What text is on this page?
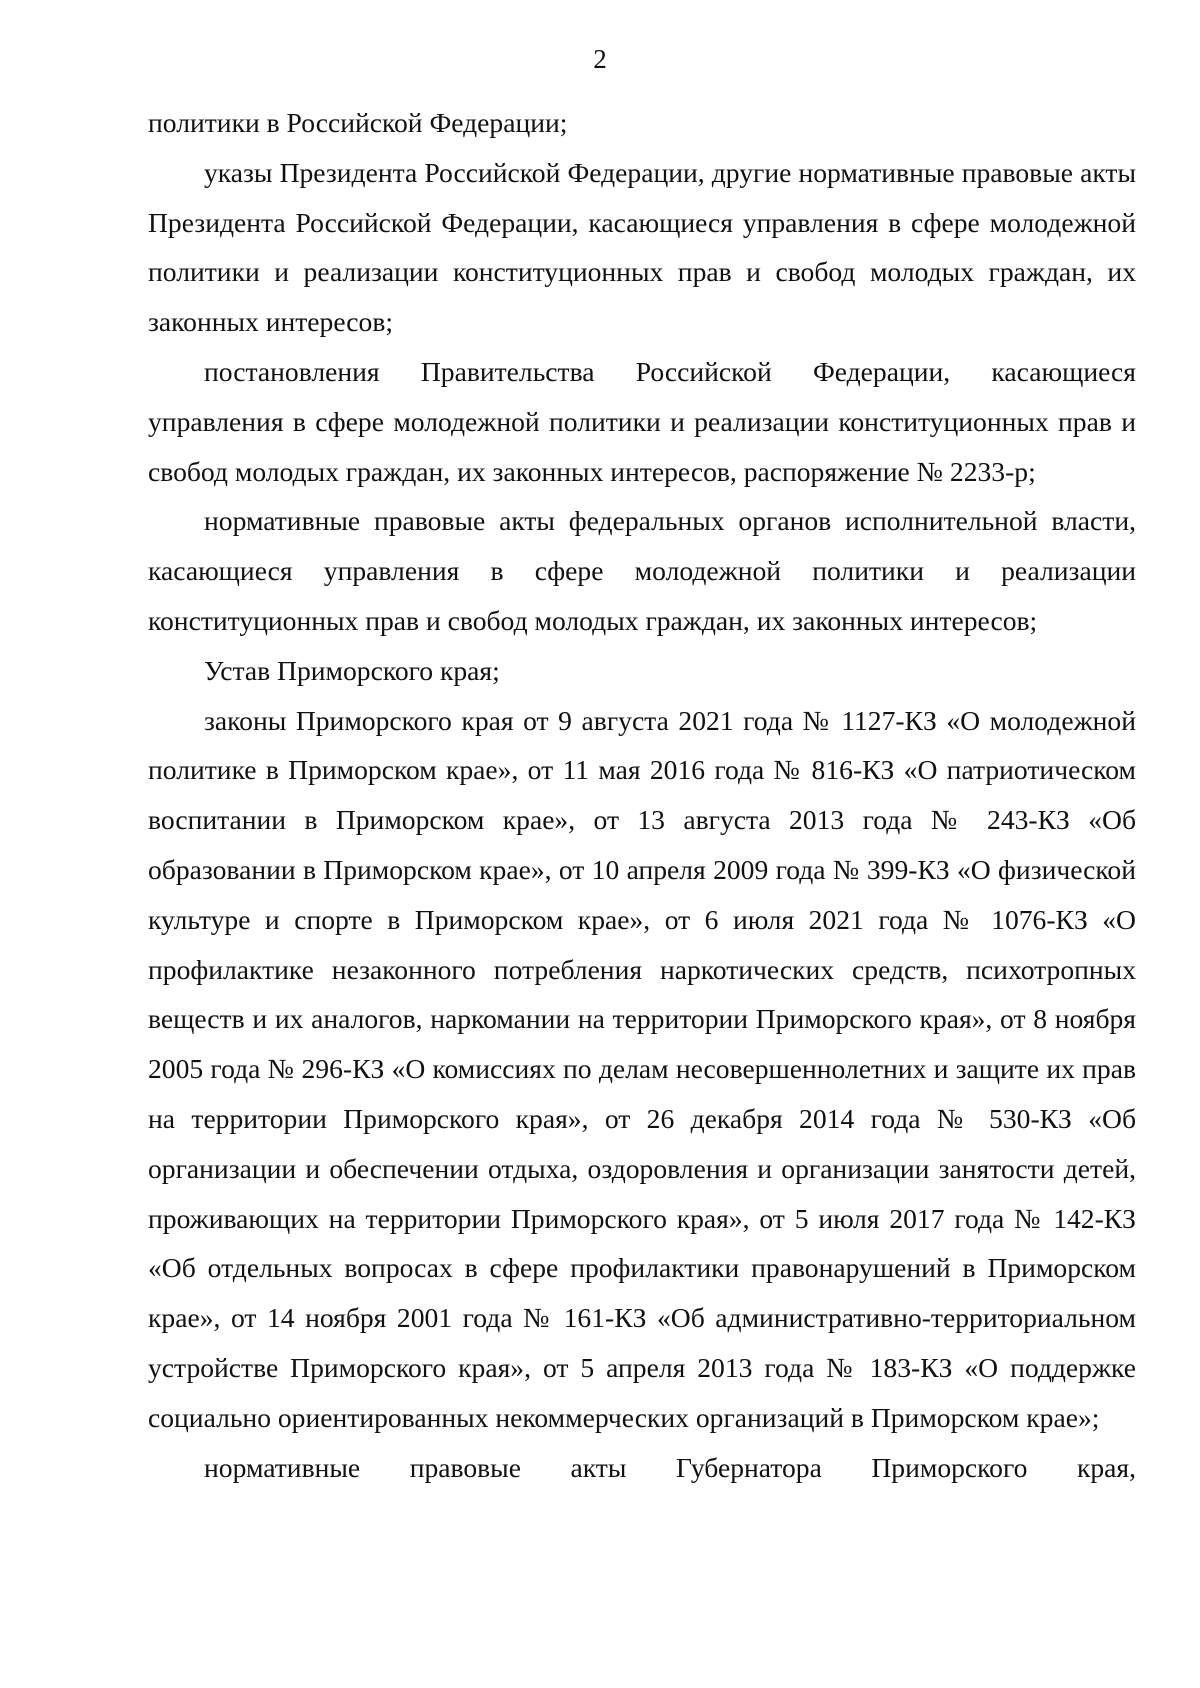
2

политики в Российской Федерации;

указы Президента Российской Федерации, другие нормативные правовые акты Президента Российской Федерации, касающиеся управления в сфере молодежной политики и реализации конституционных прав и свобод молодых граждан, их законных интересов;

постановления Правительства Российской Федерации, касающиеся управления в сфере молодежной политики и реализации конституционных прав и свобод молодых граждан, их законных интересов, распоряжение № 2233-р;

нормативные правовые акты федеральных органов исполнительной власти, касающиеся управления в сфере молодежной политики и реализации конституционных прав и свобод молодых граждан, их законных интересов;

Устав Приморского края;

законы Приморского края от 9 августа 2021 года № 1127-КЗ «О молодежной политике в Приморском крае», от 11 мая 2016 года № 816-КЗ «О патриотическом воспитании в Приморском крае», от 13 августа 2013 года № 243-КЗ «Об образовании в Приморском крае», от 10 апреля 2009 года № 399-КЗ «О физической культуре и спорте в Приморском крае», от 6 июля 2021 года № 1076-КЗ «О профилактике незаконного потребления наркотических средств, психотропных веществ и их аналогов, наркомании на территории Приморского края», от 8 ноября 2005 года № 296-КЗ «О комиссиях по делам несовершеннолетних и защите их прав на территории Приморского края», от 26 декабря 2014 года № 530-КЗ «Об организации и обеспечении отдыха, оздоровления и организации занятости детей, проживающих на территории Приморского края», от 5 июля 2017 года № 142-КЗ «Об отдельных вопросах в сфере профилактики правонарушений в Приморском крае», от 14 ноября 2001 года № 161-КЗ «Об административно-территориальном устройстве Приморского края», от 5 апреля 2013 года № 183-КЗ «О поддержке социально ориентированных некоммерческих организаций в Приморском крае»;

нормативные правовые акты Губернатора Приморского края,
